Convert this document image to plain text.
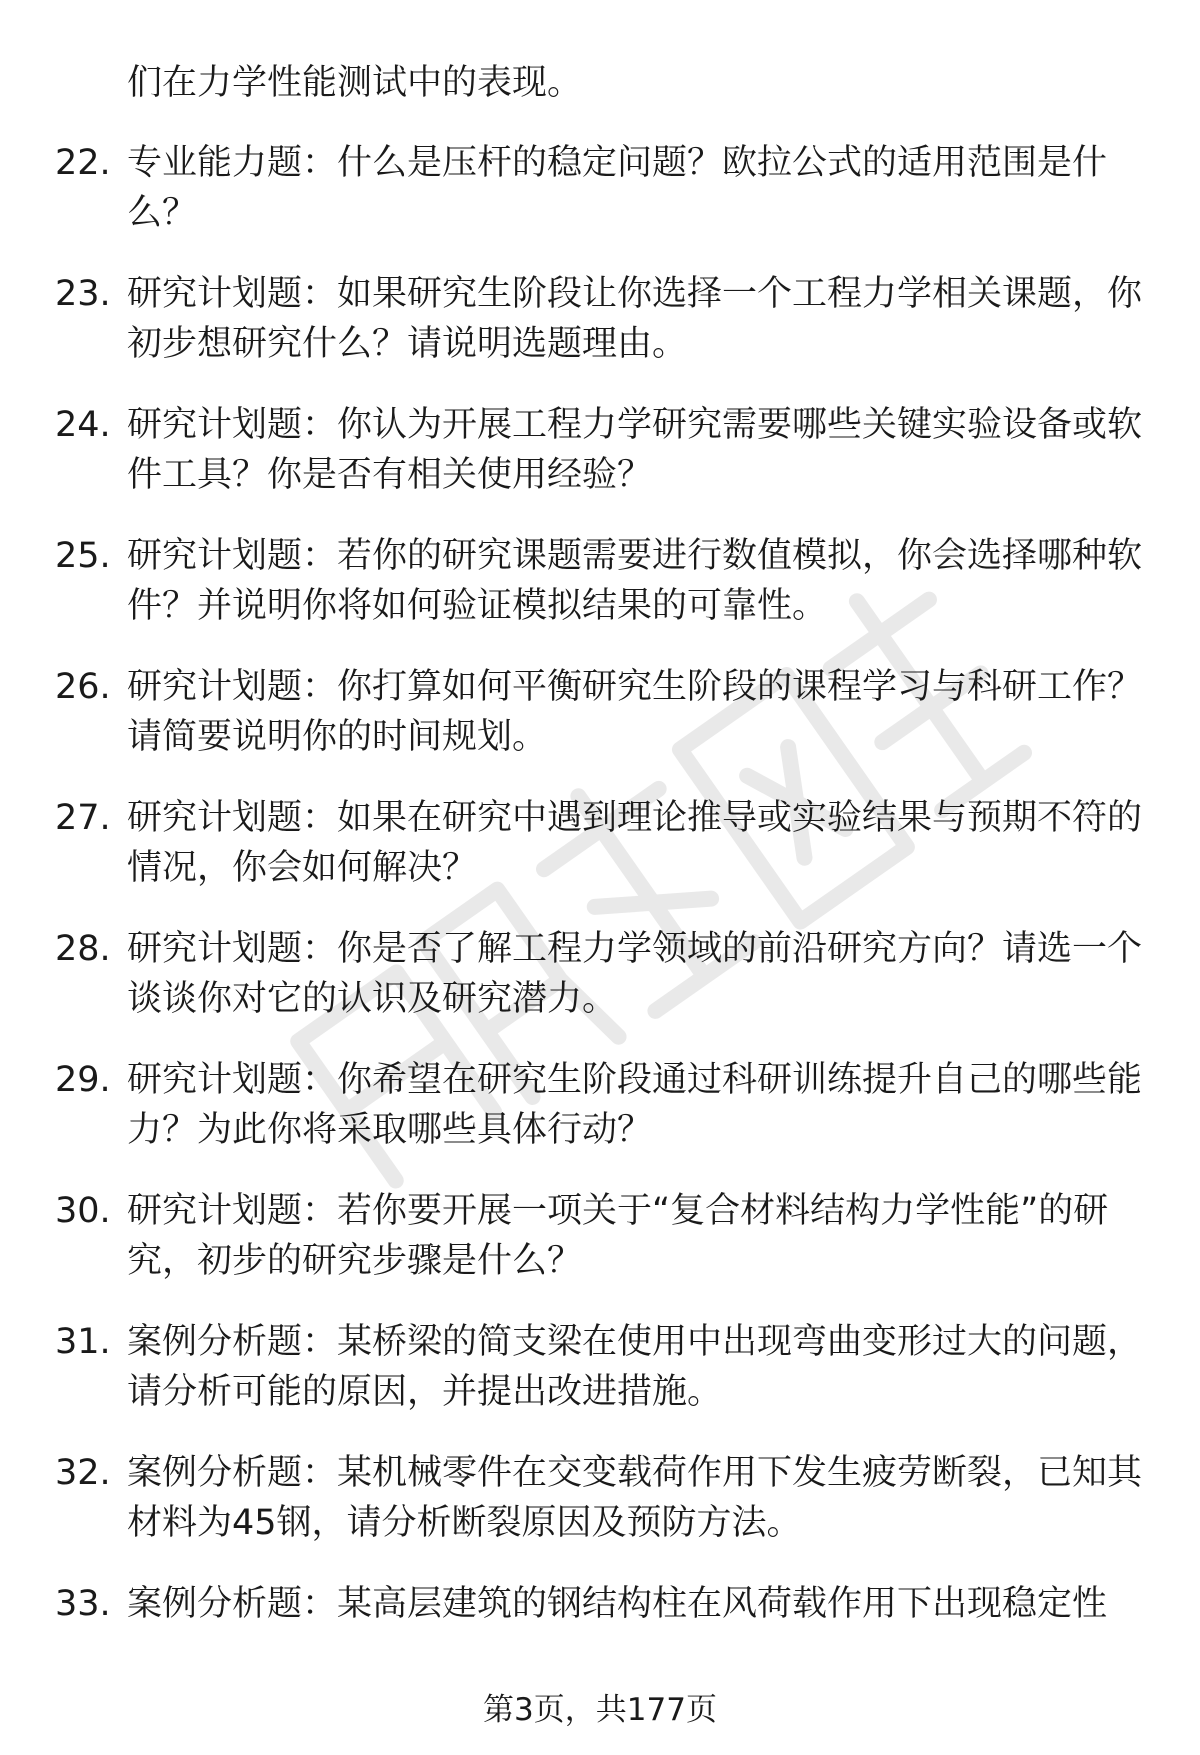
们在力学性能测试中的表现。

22. 专业能力题：什么是压杆的稳定问题？欧拉公式的适用范围是什么？
23. 研究计划题：如果研究生阶段让你选择一个工程力学相关课题，你初步想研究什么？请说明选题理由。
24. 研究计划题：你认为开展工程力学研究需要哪些关键实验设备或软件工具？你是否有相关使用经验？
25. 研究计划题：若你的研究课题需要进行数值模拟，你会选择哪种软件？并说明你将如何验证模拟结果的可靠性。
26. 研究计划题：你打算如何平衡研究生阶段的课程学习与科研工作？请简要说明你的时间规划。
27. 研究计划题：如果在研究中遇到理论推导或实验结果与预期不符的情况，你会如何解决？
28. 研究计划题：你是否了解工程力学领域的前沿研究方向？请选一个谈谈你对它的认识及研究潜力。
29. 研究计划题：你希望在研究生阶段通过科研训练提升自己的哪些能力？为此你将采取哪些具体行动？
30. 研究计划题：若你要开展一项关于“复合材料结构力学性能”的研究，初步的研究步骤是什么？
31. 案例分析题：某桥梁的简支梁在使用中出现弯曲变形过大的问题，请分析可能的原因，并提出改进措施。
32. 案例分析题：某机械零件在交变载荷作用下发生疲劳断裂，已知其材料为45钢，请分析断裂原因及预防方法。
33. 案例分析题：某高层建筑的钢结构柱在风荷载作用下出现稳定性
第3页，共177页
